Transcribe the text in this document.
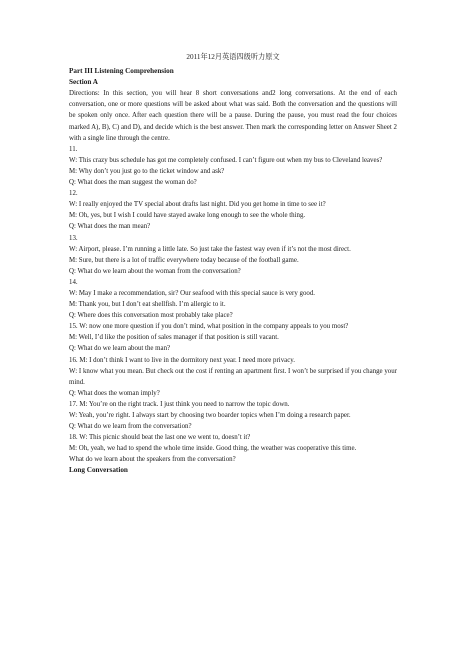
2011年12月英语四级听力原文

Part III Listening Comprehension

Section A

Directions: In this section, you will hear 8 short conversations and2 long conversations. At the end of each conversation, one or more questions will be asked about what was said. Both the conversation and the questions will be spoken only once. After each question there will be a pause. During the pause, you must read the four choices marked A), B), C) and D), and decide which is the best answer. Then mark the corresponding letter on Answer Sheet 2 with a single line through the centre.

11.

W: This crazy bus schedule has got me completely confused. I can’t figure out when my bus to Cleveland leaves?

M: Why don’t you just go to the ticket window and ask?

Q: What does the man suggest the woman do?

12.

W: I really enjoyed the TV special about drafts last night. Did you get home in time to see it?

M: Oh, yes, but I wish I could have stayed awake long enough to see the whole thing.

Q: What does the man mean?

13.

W: Airport, please. I’m running a little late. So just take the fastest way even if it’s not the most direct.

M: Sure, but there is a lot of traffic everywhere today because of the football game.

Q: What do we learn about the woman from the conversation?

14.

W: May I make a recommendation, sir? Our seafood with this special sauce is very good.

M: Thank you, but I don’t eat shellfish. I’m allergic to it.

Q: Where does this conversation most probably take place?

15. W: now one more question if you don’t mind, what position in the company appeals to you most?

M: Well, I’d like the position of sales manager if that position is still vacant.

Q: What do we learn about the man?

16. M: I don’t think I want to live in the dormitory next year. I need more privacy.

W: I know what you mean. But check out the cost if renting an apartment first. I won’t be surprised if you change your mind.

Q: What does the woman imply?

17. M: You’re on the right track. I just think you need to narrow the topic down.

W: Yeah, you’re right. I always start by choosing two boarder topics when I’m doing a research paper.

Q: What do we learn from the conversation?

18. W: This picnic should beat the last one we went to, doesn’t it?

M: Oh, yeah, we had to spend the whole time inside. Good thing, the weather was cooperative this time.

What do we learn about the speakers from the conversation?

Long Conversation
